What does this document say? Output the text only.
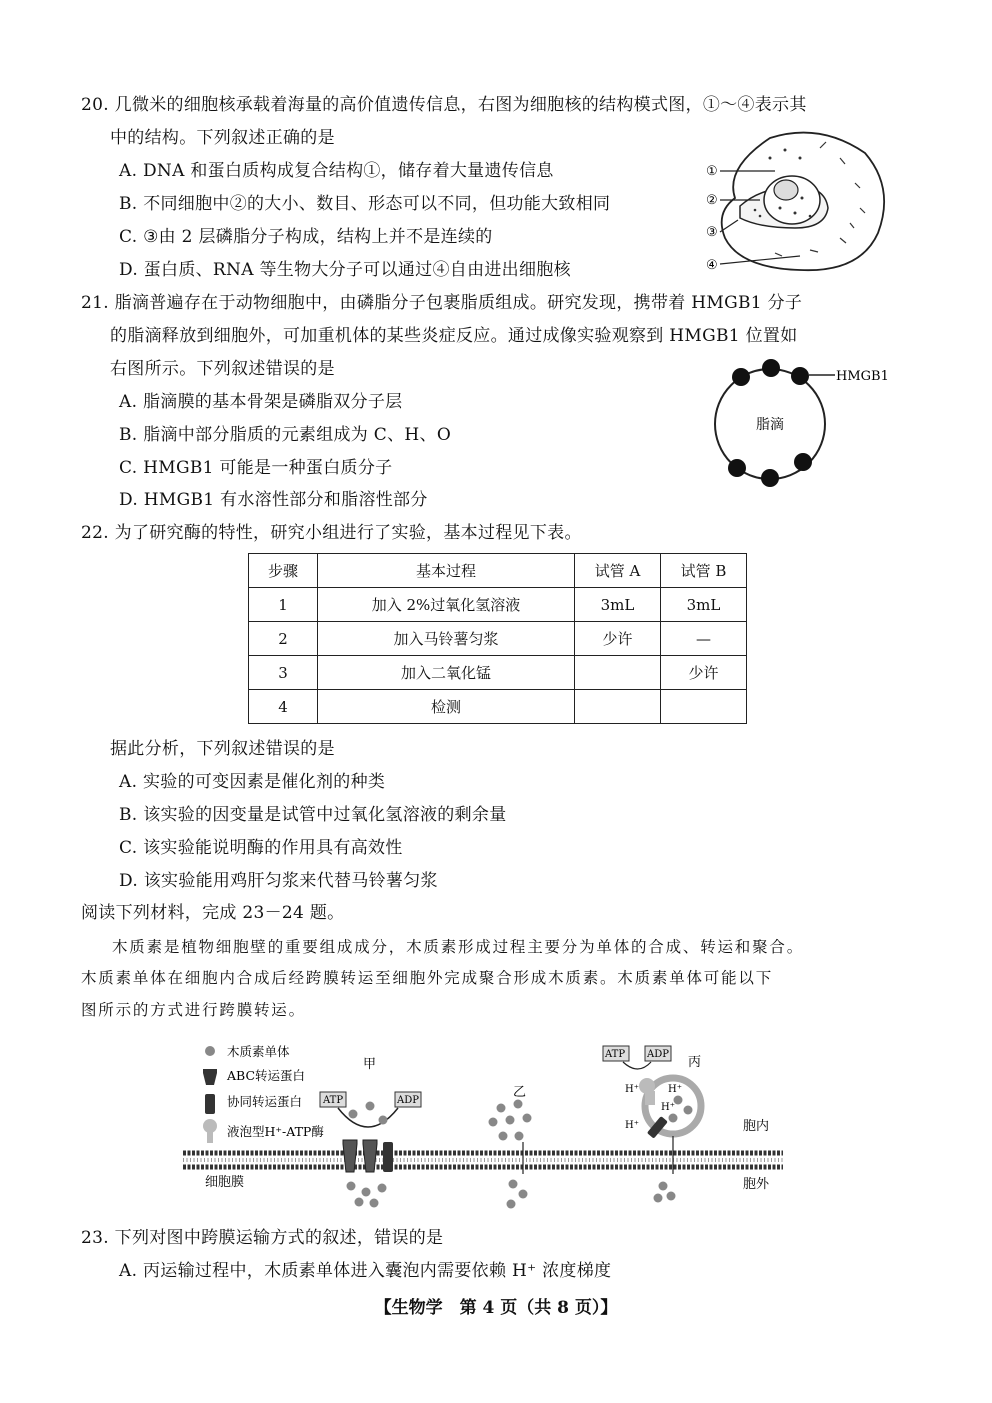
20. 几微米的细胞核承载着海量的高价值遗传信息，右图为细胞核的结构模式图，①～④表示其
中的结构。下列叙述正确的是
A. DNA 和蛋白质构成复合结构①，储存着大量遗传信息
B. 不同细胞中②的大小、数目、形态可以不同，但功能大致相同
C. ③由 2 层磷脂分子构成，结构上并不是连续的
D. 蛋白质、RNA 等生物大分子可以通过④自由进出细胞核
①
②
③
④
21. 脂滴普遍存在于动物细胞中，由磷脂分子包裹脂质组成。研究发现，携带着 HMGB1 分子
的脂滴释放到细胞外，可加重机体的某些炎症反应。通过成像实验观察到 HMGB1 位置如
右图所示。下列叙述错误的是
A. 脂滴膜的基本骨架是磷脂双分子层
B. 脂滴中部分脂质的元素组成为 C、H、O
C. HMGB1 可能是一种蛋白质分子
D. HMGB1 有水溶性部分和脂溶性部分
HMGB1
脂滴
22. 为了研究酶的特性，研究小组进行了实验，基本过程见下表。
步骤	基本过程	试管 A	试管 B
1	加入 2%过氧化氢溶液	3mL	3mL
2	加入马铃薯匀浆	少许	—
3	加入二氧化锰		少许
4	检测		
据此分析，下列叙述错误的是
A. 实验的可变因素是催化剂的种类
B. 该实验的因变量是试管中过氧化氢溶液的剩余量
C. 该实验能说明酶的作用具有高效性
D. 该实验能用鸡肝匀浆来代替马铃薯匀浆
阅读下列材料，完成 23－24 题。
木质素是植物细胞壁的重要组成成分，木质素形成过程主要分为单体的合成、转运和聚合。
木质素单体在细胞内合成后经跨膜转运至细胞外完成聚合形成木质素。木质素单体可能以下
图所示的方式进行跨膜转运。
木质素单体
ABC转运蛋白
协同转运蛋白
液泡型H⁺-ATP酶
甲
ATP	ADP
乙
ATP ADP
丙
H⁺	H⁺
H⁺
H⁺	胞内
胞外
细胞膜
23. 下列对图中跨膜运输方式的叙述，错误的是
A. 丙运输过程中，木质素单体进入囊泡内需要依赖 H⁺ 浓度梯度
【生物学　第 4 页（共 8 页）】
